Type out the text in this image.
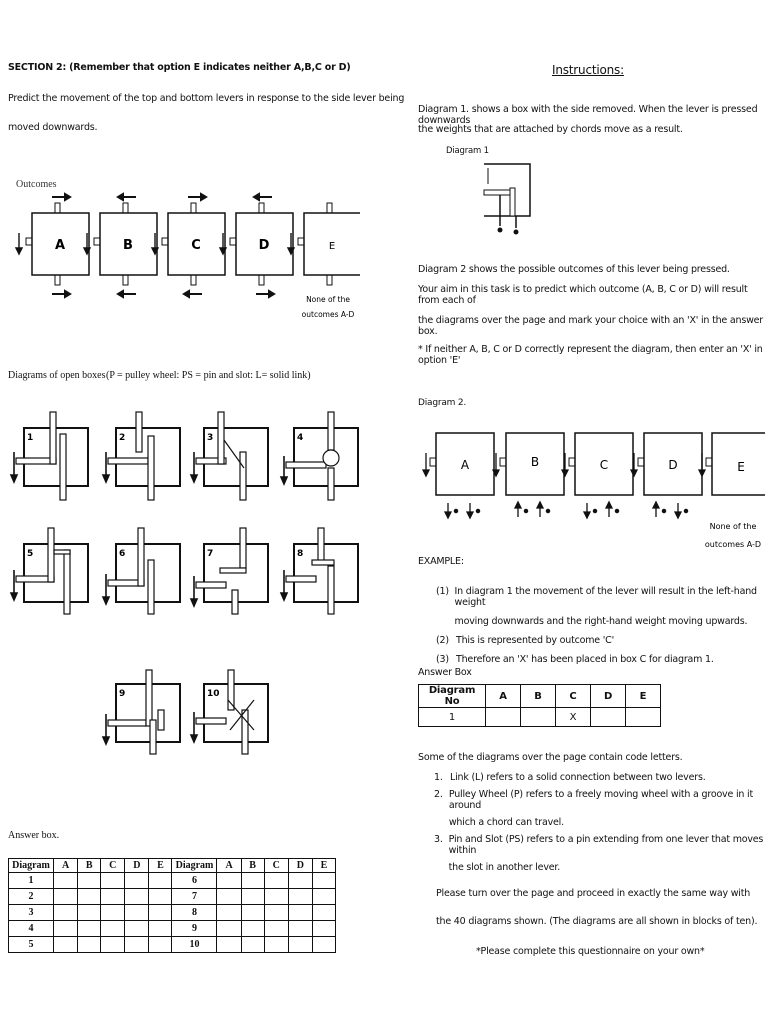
SECTION 2: (Remember that option E indicates neither A,B,C or D)
Predict the movement of the top and bottom levers in response to the side lever being
moved downwards.
Outcomes
A	B	C	D	E
None of the
outcomes A-D
Diagrams of open boxes (P = pulley wheel: PS = pin and slot: L= solid link)
1	2	3	4
5	6	7	8
9	10
Answer box.
Diagram	A	B	C	D	E	Diagram	A	B	C	D	E
1						6					
2						7					
3						8					
4						9					
5						10					
Instructions:
Diagram 1. shows a box with the side removed. When the lever is pressed downwards
the weights that are attached by chords move as a result.
Diagram 1
Diagram 2 shows the possible outcomes of this lever being pressed.
Your aim in this task is to predict which outcome (A, B, C or D) will result from each of
the diagrams over the page and mark your choice with an 'X' in the answer box.
* If neither A, B, C or D correctly represent the diagram, then enter an 'X' in option 'E'
Diagram 2.
A	B	C	D	E
None of the
outcomes A-D
EXAMPLE:
(1) In diagram 1 the movement of the lever will result in the left-hand weight
moving downwards and the right-hand weight moving upwards.
(2) This is represented by outcome 'C'
(3) Therefore an 'X' has been placed in box C for diagram 1.
Answer Box
Diagram No	A	B	C	D	E
1			X		
Some of the diagrams over the page contain code letters.
1. Link (L) refers to a solid connection between two levers.
2. Pulley Wheel (P) refers to a freely moving wheel with a groove in it around
which a chord can travel.
3. Pin and Slot (PS) refers to a pin extending from one lever that moves within
the slot in another lever.
Please turn over the page and proceed in exactly the same way with
the 40 diagrams shown. (The diagrams are all shown in blocks of ten).
*Please complete this questionnaire on your own*
